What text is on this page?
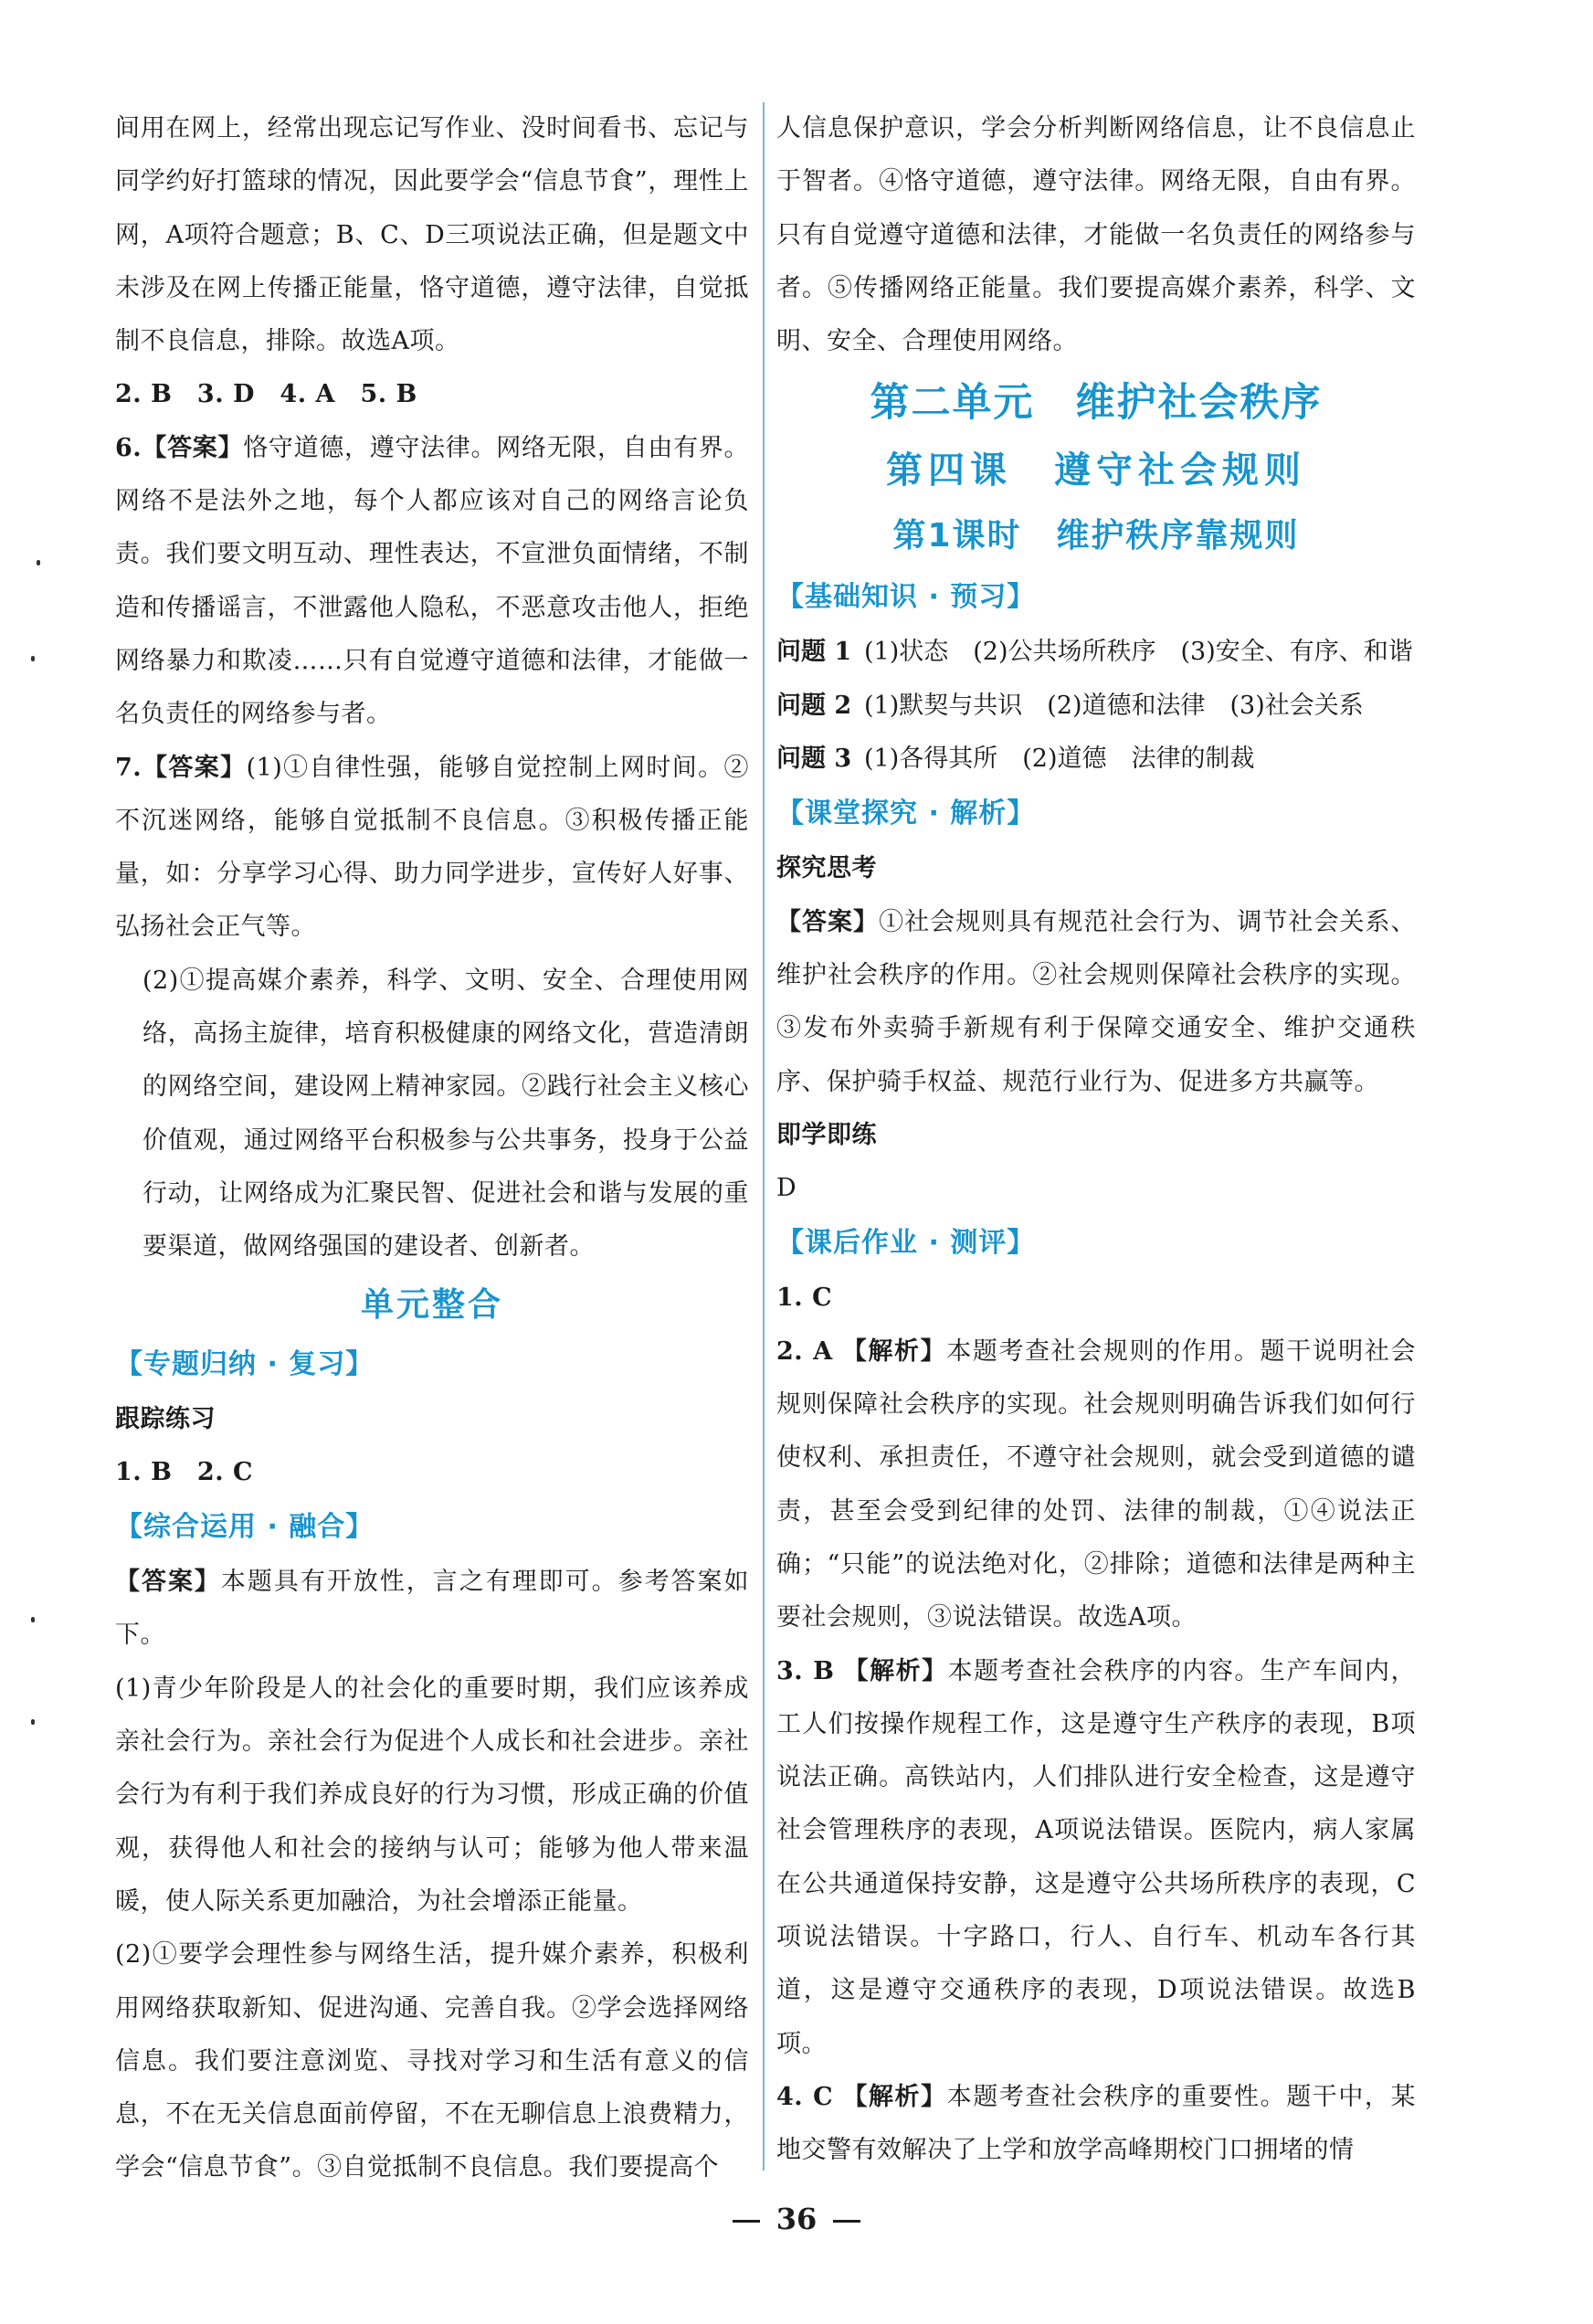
间用在网上，经常出现忘记写作业、没时间看书、忘记与同学约好打篮球的情况，因此要学会“信息节食”，理性上网，A项符合题意；B、C、D三项说法正确，但是题文中未涉及在网上传播正能量，恪守道德，遵守法律，自觉抵制不良信息，排除。故选A项。

2. B　3. D　4. A　5. B

6.【答案】恪守道德，遵守法律。网络无限，自由有界。网络不是法外之地，每个人都应该对自己的网络言论负责。我们要文明互动、理性表达，不宣泄负面情绪，不制造和传播谣言，不泄露他人隐私，不恶意攻击他人，拒绝网络暴力和欺凌……只有自觉遵守道德和法律，才能做一名负责任的网络参与者。

7.【答案】(1)①自律性强，能够自觉控制上网时间。②不沉迷网络，能够自觉抵制不良信息。③积极传播正能量，如：分享学习心得、助力同学进步，宣传好人好事、弘扬社会正气等。

(2)①提高媒介素养，科学、文明、安全、合理使用网络，高扬主旋律，培育积极健康的网络文化，营造清朗的网络空间，建设网上精神家园。②践行社会主义核心价值观，通过网络平台积极参与公共事务，投身于公益行动，让网络成为汇聚民智、促进社会和谐与发展的重要渠道，做网络强国的建设者、创新者。

单元整合

【专题归纳 · 复习】

跟踪练习

1. B　2. C

【综合运用 · 融合】

【答案】本题具有开放性，言之有理即可。参考答案如下。

(1)青少年阶段是人的社会化的重要时期，我们应该养成亲社会行为。亲社会行为促进个人成长和社会进步。亲社会行为有利于我们养成良好的行为习惯，形成正确的价值观，获得他人和社会的接纳与认可；能够为他人带来温暖，使人际关系更加融洽，为社会增添正能量。

(2)①要学会理性参与网络生活，提升媒介素养，积极利用网络获取新知、促进沟通、完善自我。②学会选择网络信息。我们要注意浏览、寻找对学习和生活有意义的信息，不在无关信息面前停留，不在无聊信息上浪费精力，学会“信息节食”。③自觉抵制不良信息。我们要提高个

人信息保护意识，学会分析判断网络信息，让不良信息止于智者。④恪守道德，遵守法律。网络无限，自由有界。只有自觉遵守道德和法律，才能做一名负责任的网络参与者。⑤传播网络正能量。我们要提高媒介素养，科学、文明、安全、合理使用网络。

第二单元　维护社会秩序

第四课　遵守社会规则

第1课时　维护秩序靠规则

【基础知识 · 预习】

问题 1 (1)状态　(2)公共场所秩序　(3)安全、有序、和谐
问题 2 (1)默契与共识　(2)道德和法律　(3)社会关系
问题 3 (1)各得其所　(2)道德　法律的制裁

【课堂探究 · 解析】

探究思考

【答案】①社会规则具有规范社会行为、调节社会关系、维护社会秩序的作用。②社会规则保障社会秩序的实现。③发布外卖骑手新规有利于保障交通安全、维护交通秩序、保护骑手权益、规范行业行为、促进多方共赢等。

即学即练

D

【课后作业 · 测评】

1. C

2. A 【解析】本题考查社会规则的作用。题干说明社会规则保障社会秩序的实现。社会规则明确告诉我们如何行使权利、承担责任，不遵守社会规则，就会受到道德的谴责，甚至会受到纪律的处罚、法律的制裁，①④说法正确；“只能”的说法绝对化，②排除；道德和法律是两种主要社会规则，③说法错误。故选A项。

3. B 【解析】本题考查社会秩序的内容。生产车间内，工人们按操作规程工作，这是遵守生产秩序的表现，B项说法正确。高铁站内，人们排队进行安全检查，这是遵守社会管理秩序的表现，A项说法错误。医院内，病人家属在公共通道保持安静，这是遵守公共场所秩序的表现，C项说法错误。十字路口，行人、自行车、机动车各行其道，这是遵守交通秩序的表现，D项说法错误。故选B项。

4. C 【解析】本题考查社会秩序的重要性。题干中，某地交警有效解决了上学和放学高峰期校门口拥堵的情

36
